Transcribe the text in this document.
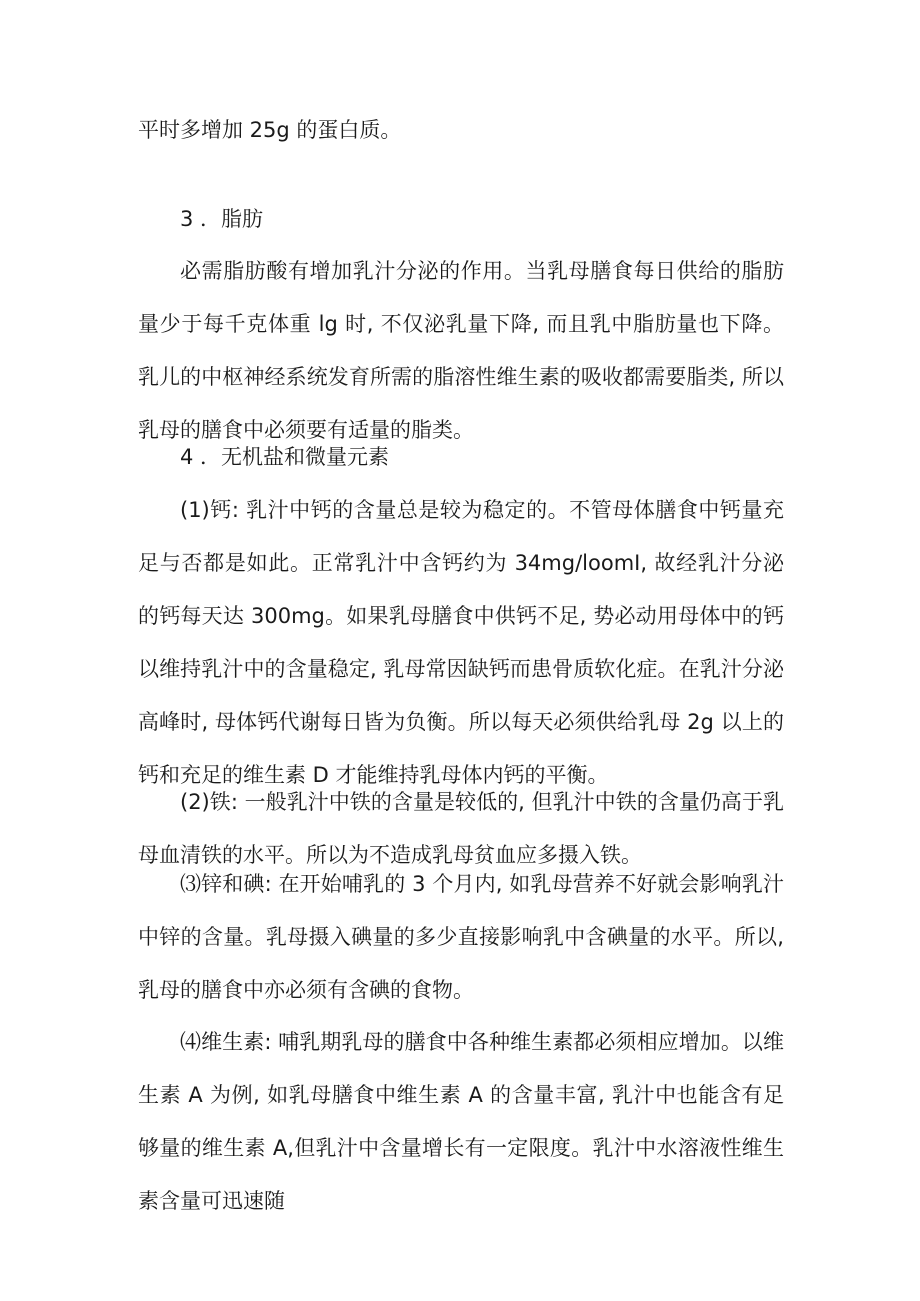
平时多增加 25g 的蛋白质。

3 ．脂肪

必需脂肪酸有增加乳汁分泌的作用。当乳母膳食每日供给的脂肪量少于每千克体重 lg 时, 不仅泌乳量下降, 而且乳中脂肪量也下降。乳儿的中枢神经系统发育所需的脂溶性维生素的吸收都需要脂类, 所以乳母的膳食中必须要有适量的脂类。

4 ．无机盐和微量元素

(1)钙: 乳汁中钙的含量总是较为稳定的。不管母体膳食中钙量充足与否都是如此。正常乳汁中含钙约为 34mg∕loomI, 故经乳汁分泌的钙每天达 300mg。如果乳母膳食中供钙不足, 势必动用母体中的钙以维持乳汁中的含量稳定, 乳母常因缺钙而患骨质软化症。在乳汁分泌高峰时, 母体钙代谢每日皆为负衡。所以每天必须供给乳母 2g 以上的钙和充足的维生素 D 才能维持乳母体内钙的平衡。

(2)铁: 一般乳汁中铁的含量是较低的, 但乳汁中铁的含量仍高于乳母血清铁的水平。所以为不造成乳母贫血应多摄入铁。

⑶锌和碘: 在开始哺乳的 3 个月内, 如乳母营养不好就会影响乳汁中锌的含量。乳母摄入碘量的多少直接影响乳中含碘量的水平。所以, 乳母的膳食中亦必须有含碘的食物。

⑷维生素: 哺乳期乳母的膳食中各种维生素都必须相应增加。以维生素 A 为例, 如乳母膳食中维生素 A 的含量丰富, 乳汁中也能含有足够量的维生素 A,但乳汁中含量增长有一定限度。乳汁中水溶液性维生素含量可迅速随
